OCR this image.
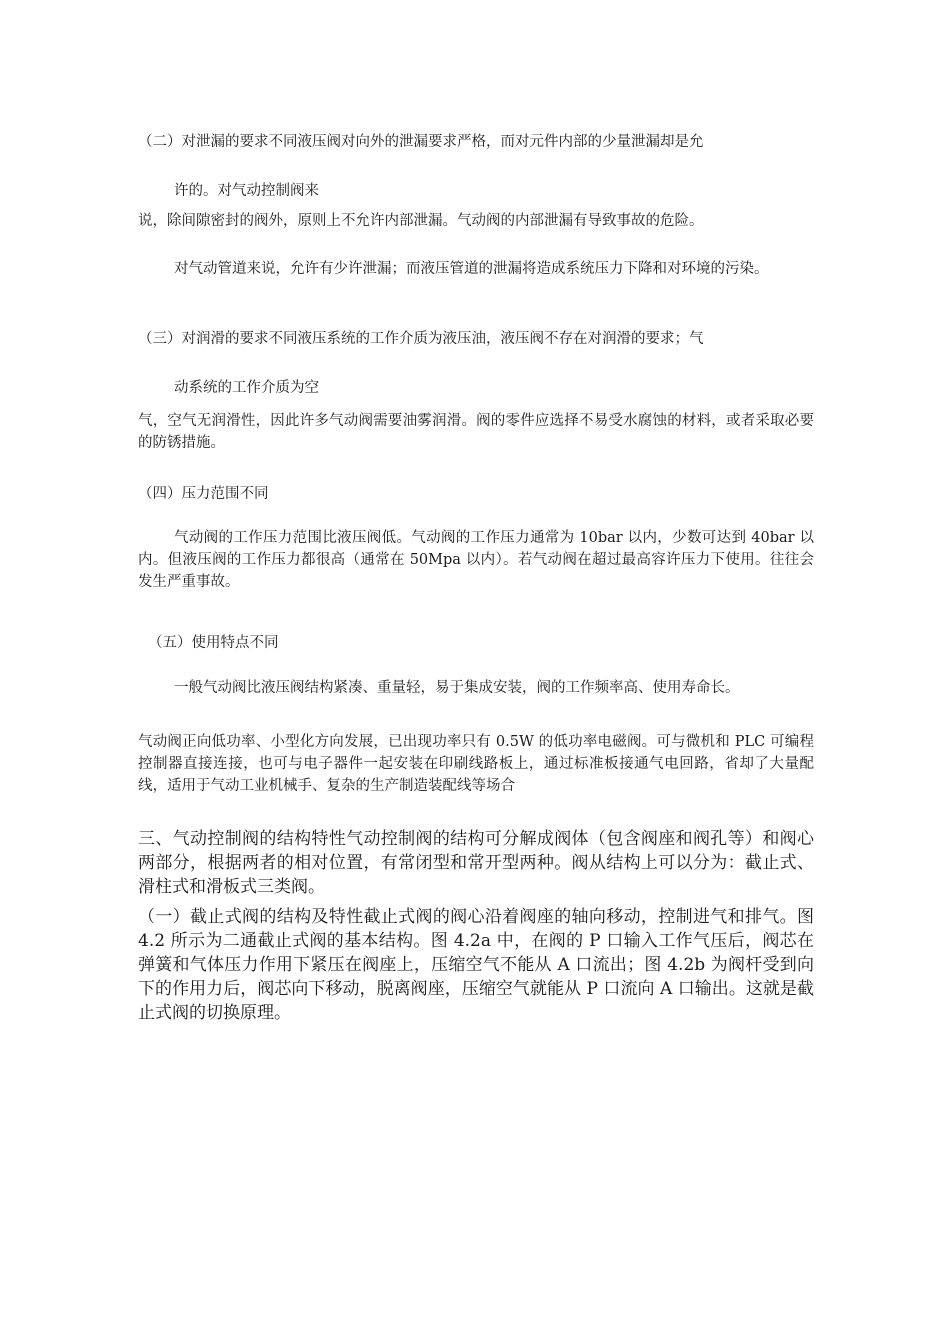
（二）对泄漏的要求不同液压阀对向外的泄漏要求严格，而对元件内部的少量泄漏却是允
许的。对气动控制阀来
说，除间隙密封的阀外，原则上不允许内部泄漏。气动阀的内部泄漏有导致事故的危险。
对气动管道来说，允许有少许泄漏；而液压管道的泄漏将造成系统压力下降和对环境的污染。
（三）对润滑的要求不同液压系统的工作介质为液压油，液压阀不存在对润滑的要求；气
动系统的工作介质为空
气，空气无润滑性，因此许多气动阀需要油雾润滑。阀的零件应选择不易受水腐蚀的材料，或者采取必要的防锈措施。
（四）压力范围不同
气动阀的工作压力范围比液压阀低。气动阀的工作压力通常为 10bar 以内，少数可达到 40bar 以内。但液压阀的工作压力都很高（通常在 50Mpa 以内）。若气动阀在超过最高容许压力下使用。往往会发生严重事故。
（五）使用特点不同
一般气动阀比液压阀结构紧凑、重量轻，易于集成安装，阀的工作频率高、使用寿命长。
气动阀正向低功率、小型化方向发展，已出现功率只有 0.5W 的低功率电磁阀。可与微机和 PLC 可编程控制器直接连接，也可与电子器件一起安装在印刷线路板上，通过标准板接通气电回路，省却了大量配线，适用于气动工业机械手、复杂的生产制造装配线等场合
三、气动控制阀的结构特性气动控制阀的结构可分解成阀体（包含阀座和阀孔等）和阀心两部分，根据两者的相对位置，有常闭型和常开型两种。阀从结构上可以分为：截止式、滑柱式和滑板式三类阀。
（一）截止式阀的结构及特性截止式阀的阀心沿着阀座的轴向移动，控制进气和排气。图 4.2 所示为二通截止式阀的基本结构。图 4.2a 中，在阀的 P 口输入工作气压后，阀芯在弹簧和气体压力作用下紧压在阀座上，压缩空气不能从 A 口流出；图 4.2b 为阀杆受到向下的作用力后，阀芯向下移动，脱离阀座，压缩空气就能从 P 口流向 A 口输出。这就是截止式阀的切换原理。
